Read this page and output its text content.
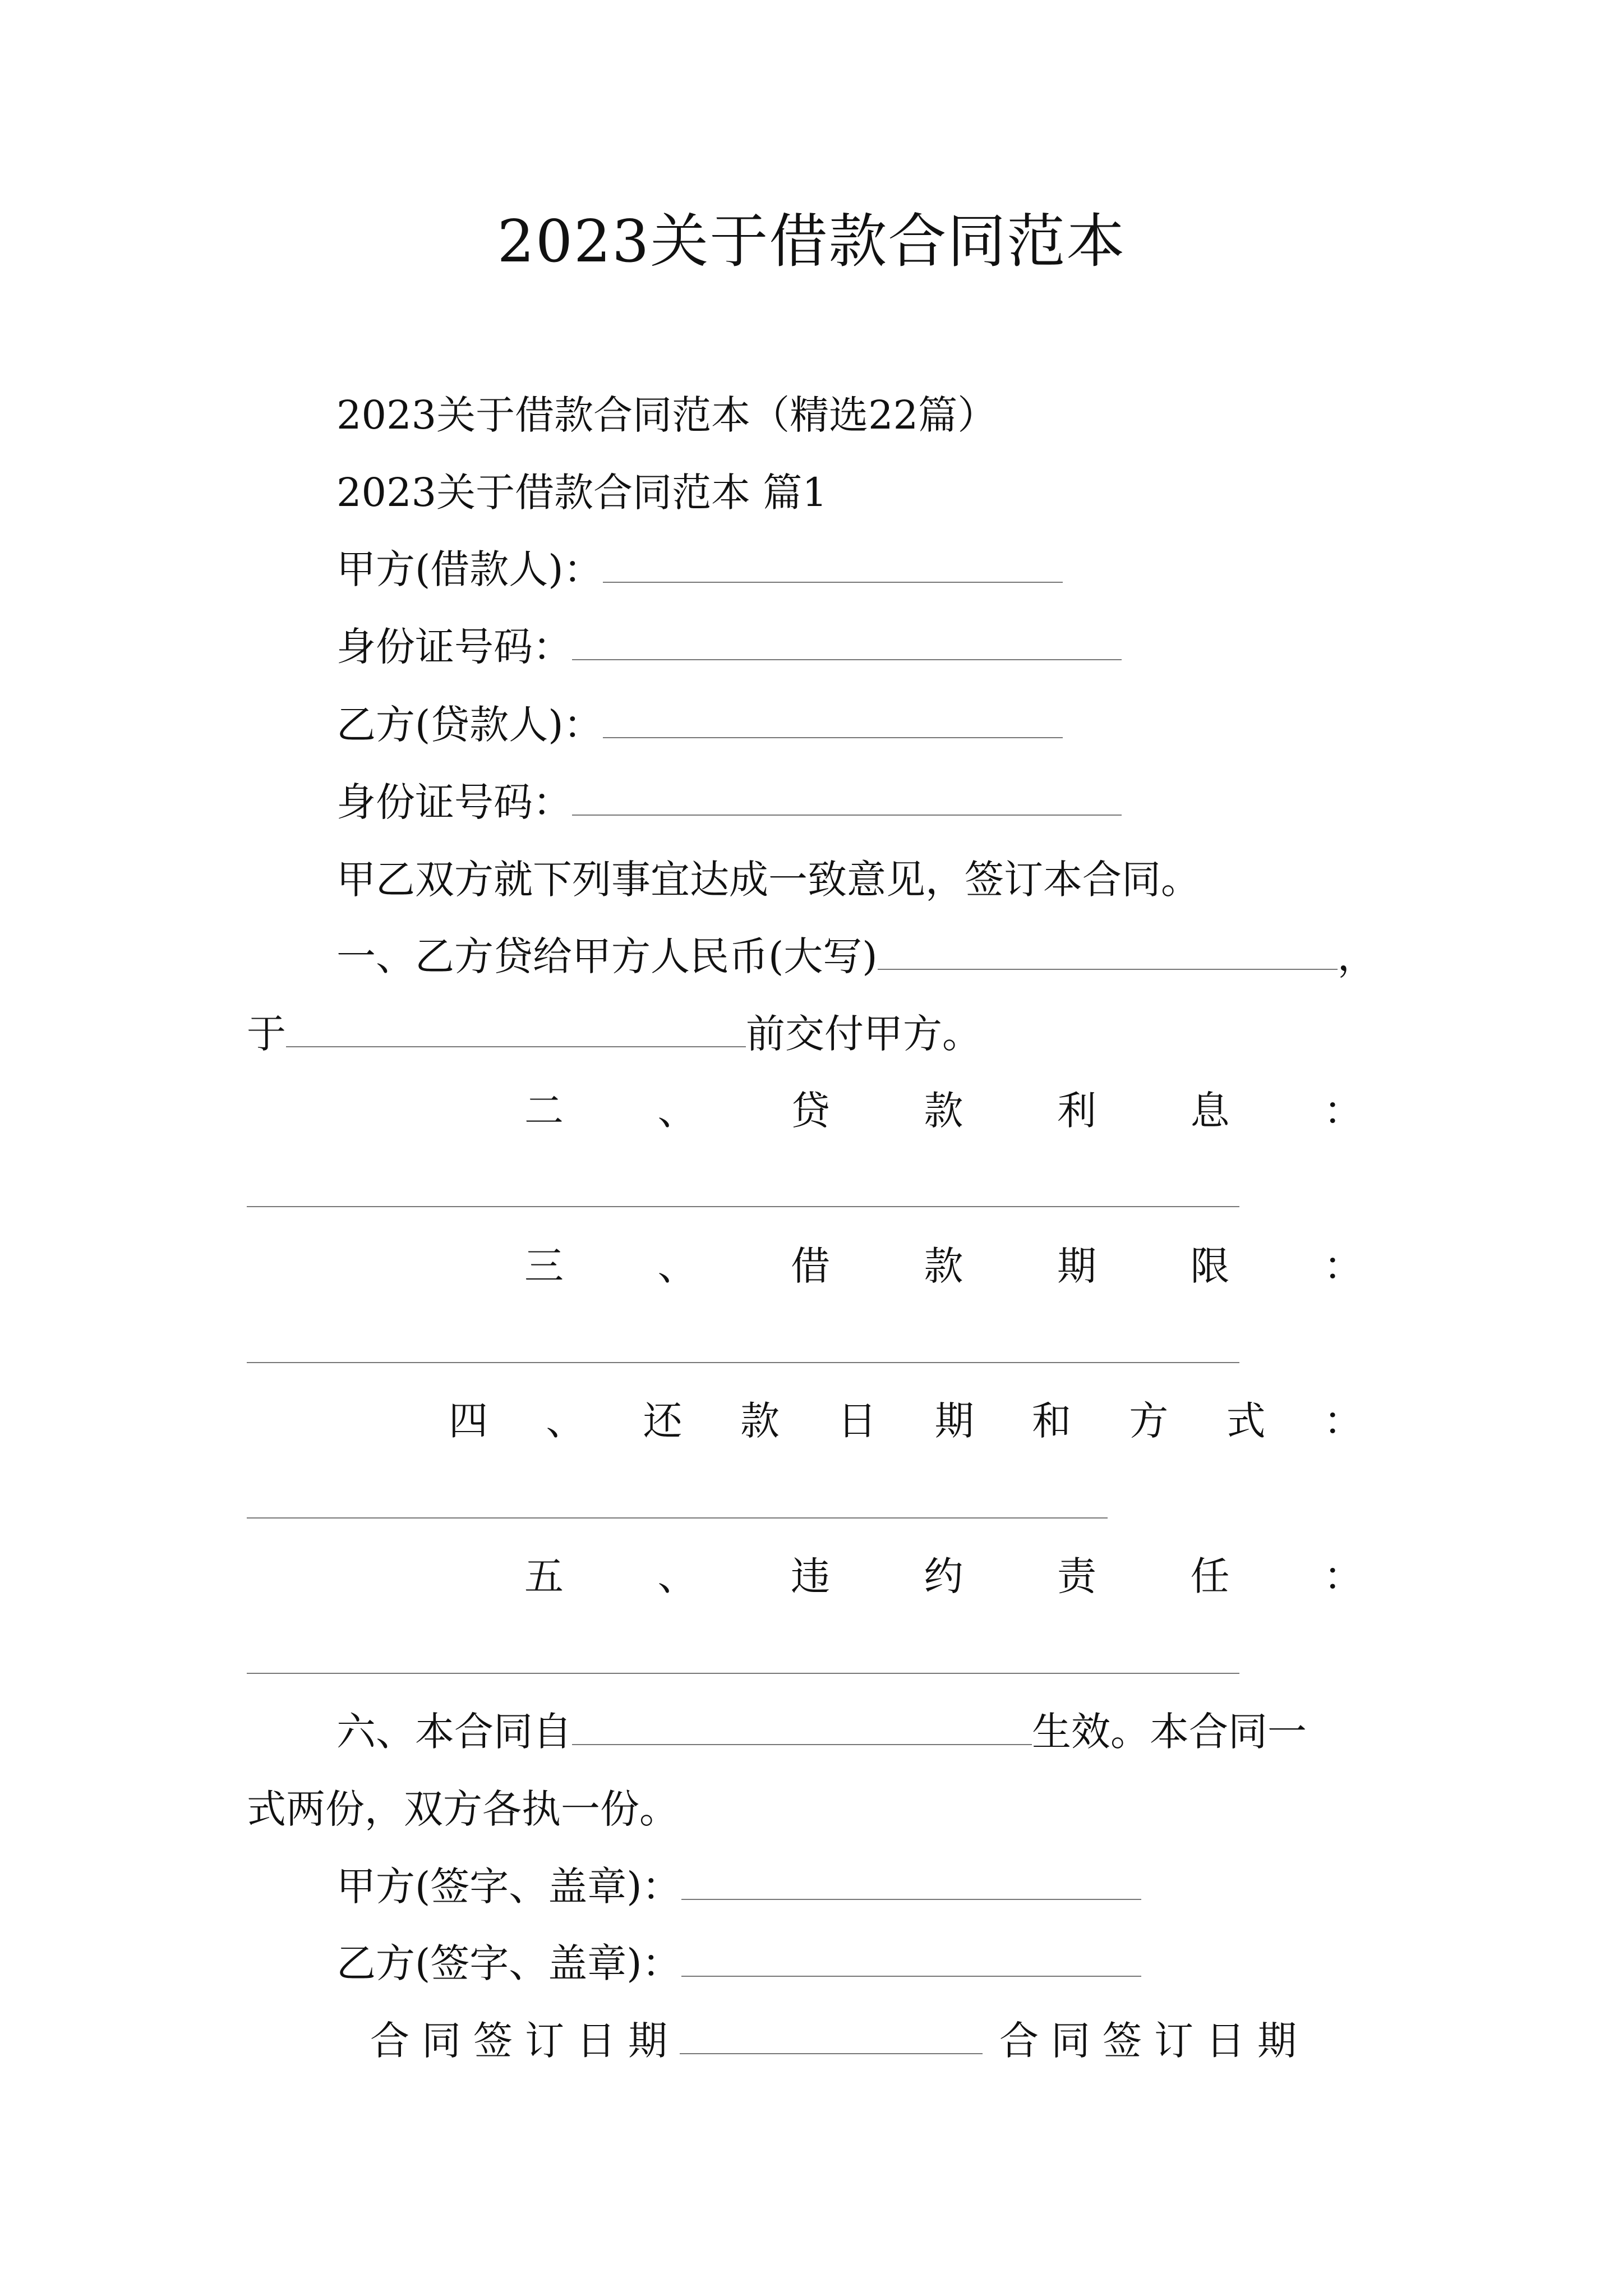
2023关于借款合同范本
2023关于借款合同范本（精选22篇）
2023关于借款合同范本 篇1
甲方(借款人)：
身份证号码：
乙方(贷款人)：
身份证号码：
甲乙双方就下列事宜达成一致意见，签订本合同。
一、乙方贷给甲方人民币(大写)	，
于	前交付甲方。
二 、 贷 款 利 息 ：
三 、 借 款 期 限 ：
四 、 还 款 日 期 和 方 式 ：
五 、 违 约 责 任 ：
六、本合同自	生效。本合同一
式两份，双方各执一份。
甲方(签字、盖章)：
乙方(签字、盖章)：
合同签订日期	合同签订日期
